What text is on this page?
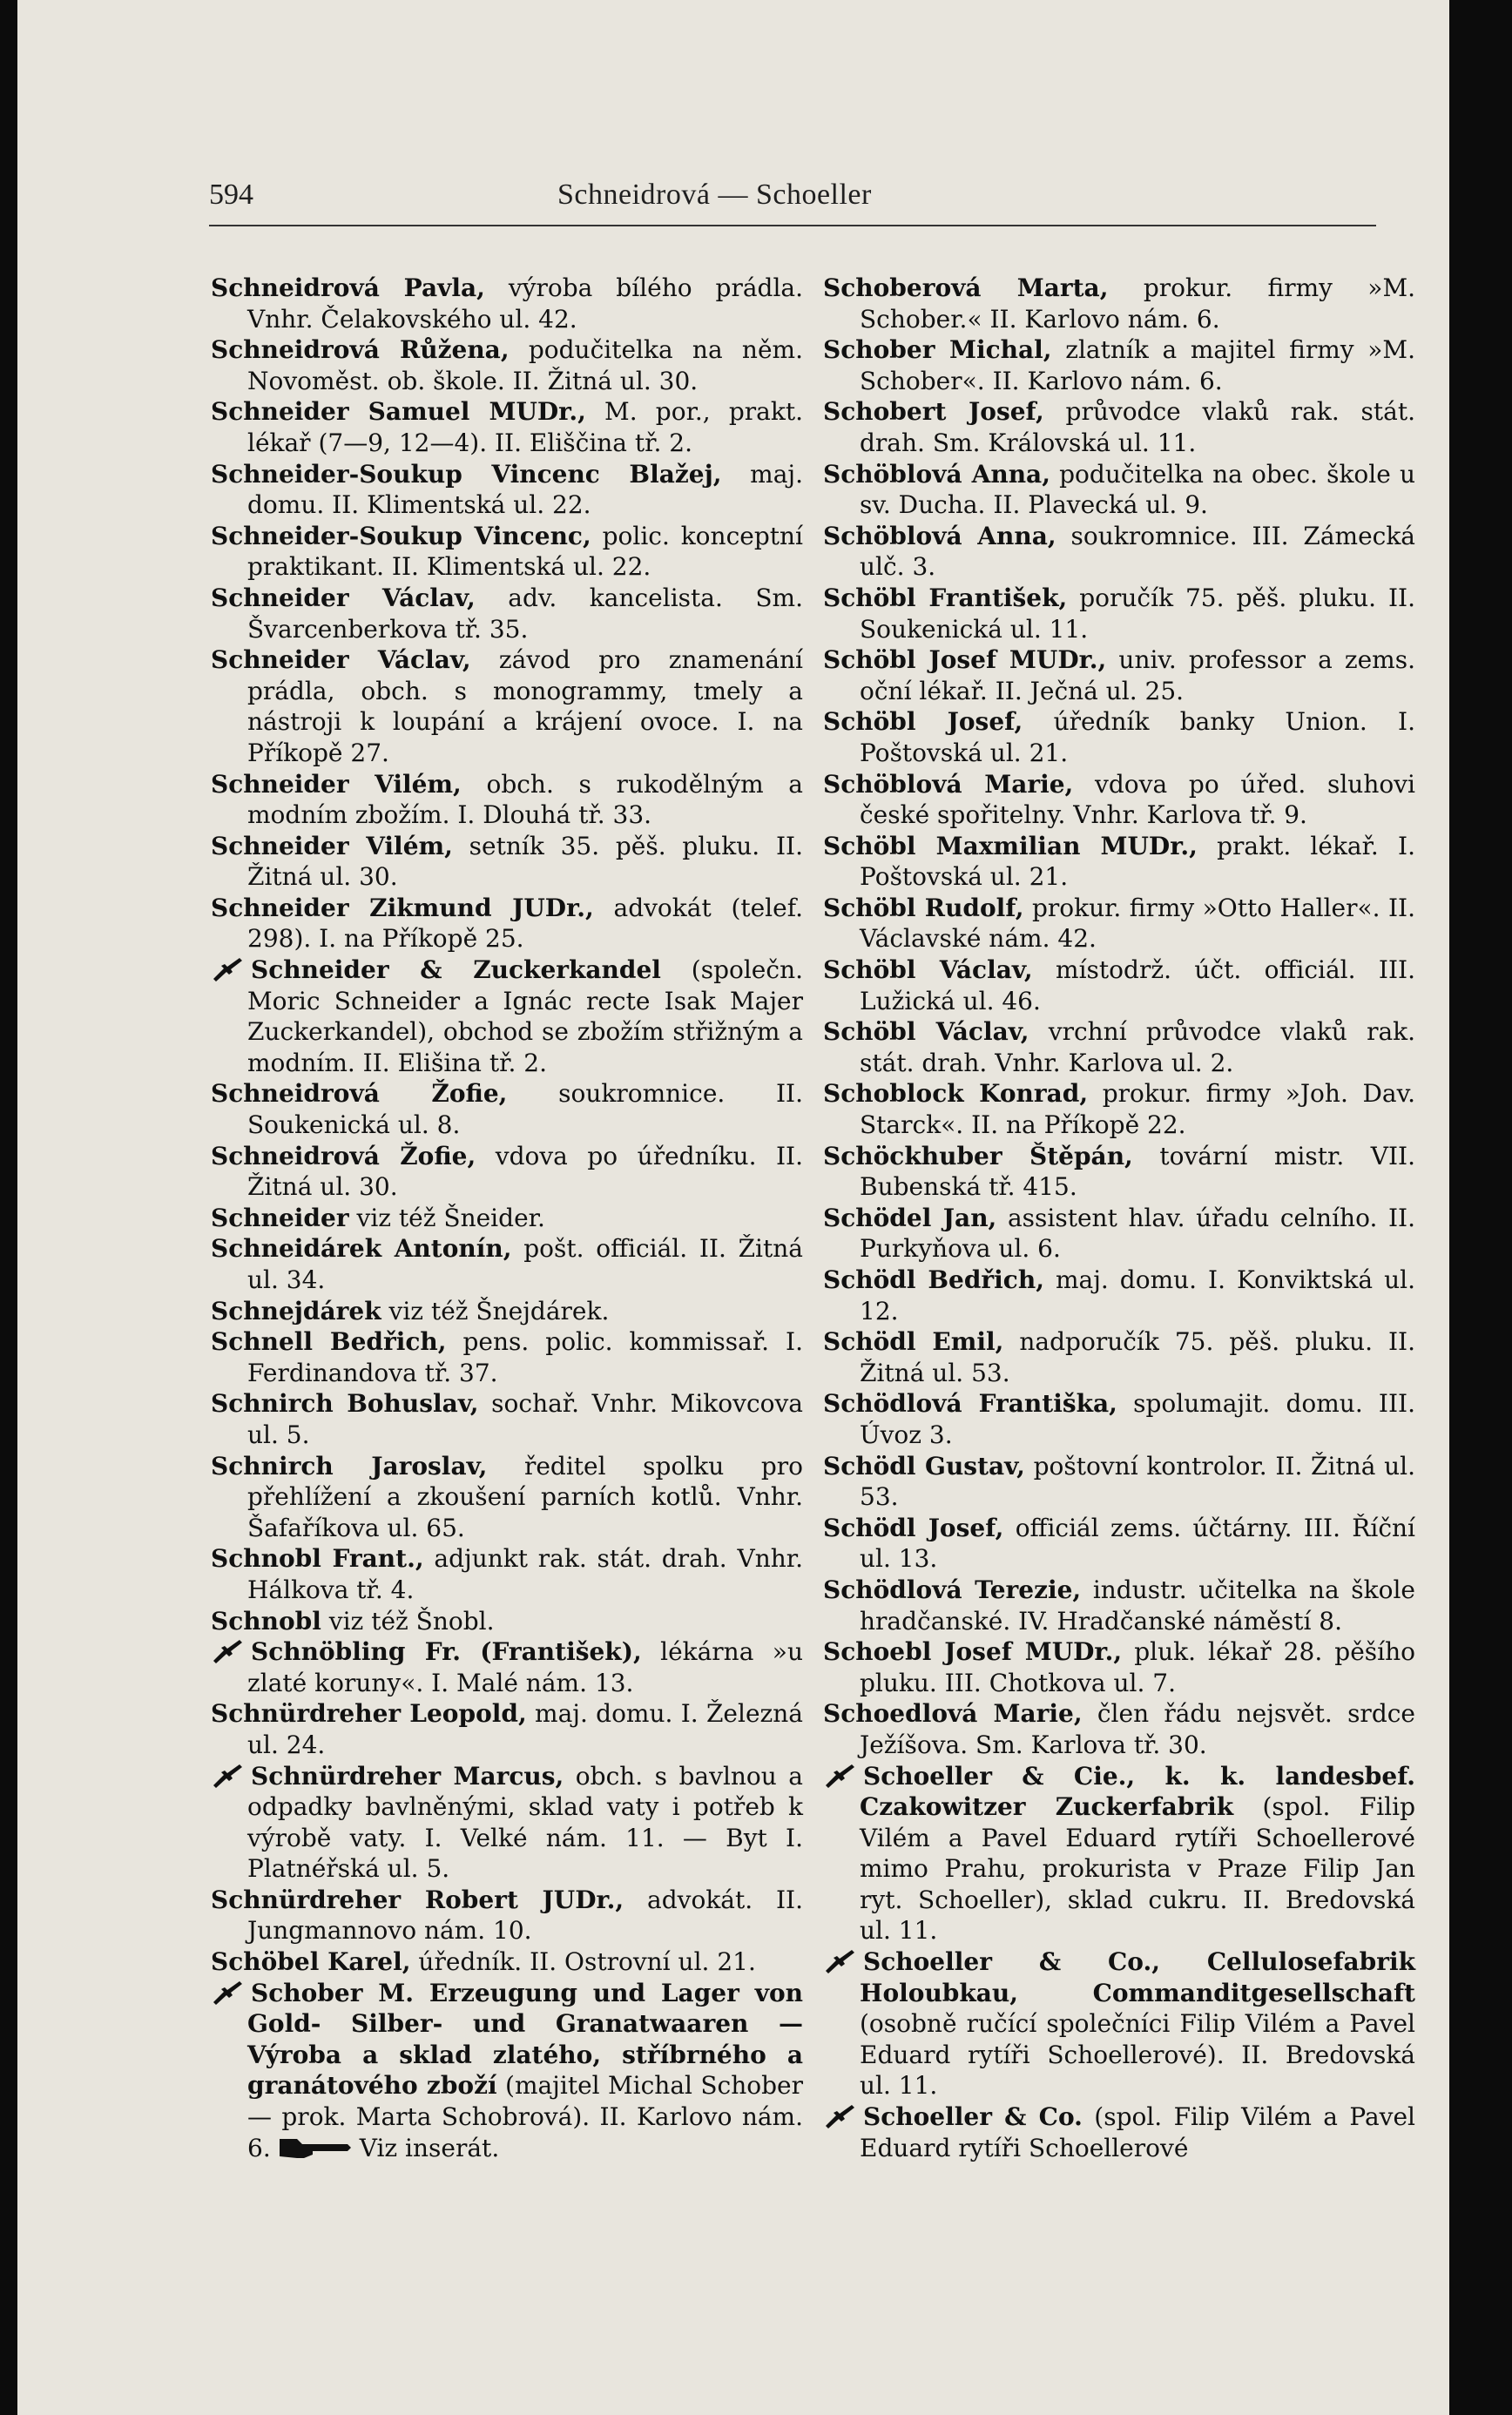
594	Schneidrová — Schoeller

Schneidrová Pavla, výroba bílého prádla. Vnhr. Čelakovského ul. 42.

Schneidrová Růžena, podučitelka na něm. Novoměst. ob. škole. II. Žitná ul. 30.

Schneider Samuel MUDr., M. por., prakt. lékař (7—9, 12—4). II. Eliščina tř. 2.

Schneider-Soukup Vincenc Blažej, maj. domu. II. Klimentská ul. 22.

Schneider-Soukup Vincenc, polic. konceptní praktikant. II. Klimentská ul. 22.

Schneider Václav, adv. kancelista. Sm. Švarcenberkova tř. 35.

Schneider Václav, závod pro znamenání prádla, obch. s monogrammy, tmely a nástroji k loupání a krájení ovoce. I. na Příkopě 27.

Schneider Vilém, obch. s rukodělným a modním zbožím. I. Dlouhá tř. 33.

Schneider Vilém, setník 35. pěš. pluku. II. Žitná ul. 30.

Schneider Zikmund JUDr., advokát (telef. 298). I. na Příkopě 25.

Schneider & Zuckerkandel (společn. Moric Schneider a Ignác recte Isak Majer Zuckerkandel), obchod se zbožím střižným a modním. II. Elišina tř. 2.

Schneidrová Žofie, soukromnice. II. Soukenická ul. 8.

Schneidrová Žofie, vdova po úředníku. II. Žitná ul. 30.

Schneider viz též Šneider.

Schneidárek Antonín, pošt. officiál. II. Žitná ul. 34.

Schnejdárek viz též Šnejdárek.

Schnell Bedřich, pens. polic. kommissař. I. Ferdinandova tř. 37.

Schnirch Bohuslav, sochař. Vnhr. Mikovcova ul. 5.

Schnirch Jaroslav, ředitel spolku pro přehlížení a zkoušení parních kotlů. Vnhr. Šafaříkova ul. 65.

Schnobl Frant., adjunkt rak. stát. drah. Vnhr. Hálkova tř. 4.

Schnobl viz též Šnobl.

Schnöbling Fr. (František), lékárna »u zlaté koruny«. I. Malé nám. 13.

Schnürdreher Leopold, maj. domu. I. Železná ul. 24.

Schnürdreher Marcus, obch. s bavlnou a odpadky bavlněnými, sklad vaty i potřeb k výrobě vaty. I. Velké nám. 11. — Byt I. Platnéřská ul. 5.

Schnürdreher Robert JUDr., advokát. II. Jungmannovo nám. 10.

Schöbel Karel, úředník. II. Ostrovní ul. 21.

Schober M. Erzeugung und Lager von Gold- Silber- und Granatwaaren — Výroba a sklad zlatého, stříbrného a granátového zboží (majitel Michal Schober — prok. Marta Schobrová). II. Karlovo nám. 6.	Viz inserát.

Schoberová Marta, prokur. firmy »M. Schober.« II. Karlovo nám. 6.

Schober Michal, zlatník a majitel firmy »M. Schober«. II. Karlovo nám. 6.

Schobert Josef, průvodce vlaků rak. stát. drah. Sm. Královská ul. 11.

Schöblová Anna, podučitelka na obec. škole u sv. Ducha. II. Plavecká ul. 9.

Schöblová Anna, soukromnice. III. Zámecká ulč. 3.

Schöbl František, poručík 75. pěš. pluku. II. Soukenická ul. 11.

Schöbl Josef MUDr., univ. professor a zems. oční lékař. II. Ječná ul. 25.

Schöbl Josef, úředník banky Union. I. Poštovská ul. 21.

Schöblová Marie, vdova po úřed. sluhovi české spořitelny. Vnhr. Karlova tř. 9.

Schöbl Maxmilian MUDr., prakt. lékař. I. Poštovská ul. 21.

Schöbl Rudolf, prokur. firmy »Otto Haller«. II. Václavské nám. 42.

Schöbl Václav, místodrž. účt. officiál. III. Lužická ul. 46.

Schöbl Václav, vrchní průvodce vlaků rak. stát. drah. Vnhr. Karlova ul. 2.

Schoblock Konrad, prokur. firmy »Joh. Dav. Starck«. II. na Příkopě 22.

Schöckhuber Štěpán, tovární mistr. VII. Bubenská tř. 415.

Schödel Jan, assistent hlav. úřadu celního. II. Purkyňova ul. 6.

Schödl Bedřich, maj. domu. I. Konviktská ul. 12.

Schödl Emil, nadporučík 75. pěš. pluku. II. Žitná ul. 53.

Schödlová Františka, spolumajit. domu. III. Úvoz 3.

Schödl Gustav, poštovní kontrolor. II. Žitná ul. 53.

Schödl Josef, officiál zems. účtárny. III. Říční ul. 13.

Schödlová Terezie, industr. učitelka na škole hradčanské. IV. Hradčanské náměstí 8.

Schoebl Josef MUDr., pluk. lékař 28. pěšího pluku. III. Chotkova ul. 7.

Schoedlová Marie, člen řádu nejsvět. srdce Ježíšova. Sm. Karlova tř. 30.

Schoeller & Cie., k. k. landesbef. Czakowitzer Zuckerfabrik (spol. Filip Vilém a Pavel Eduard rytíři Schoellerové mimo Prahu, prokurista v Praze Filip Jan ryt. Schoeller), sklad cukru. II. Bredovská ul. 11.

Schoeller & Co., Cellulosefabrik Holoubkau, Commanditgesellschaft (osobně ručící společníci Filip Vilém a Pavel Eduard rytíři Schoellerové). II. Bredovská ul. 11.

Schoeller & Co. (spol. Filip Vilém a Pavel Eduard rytíři Schoellerové
